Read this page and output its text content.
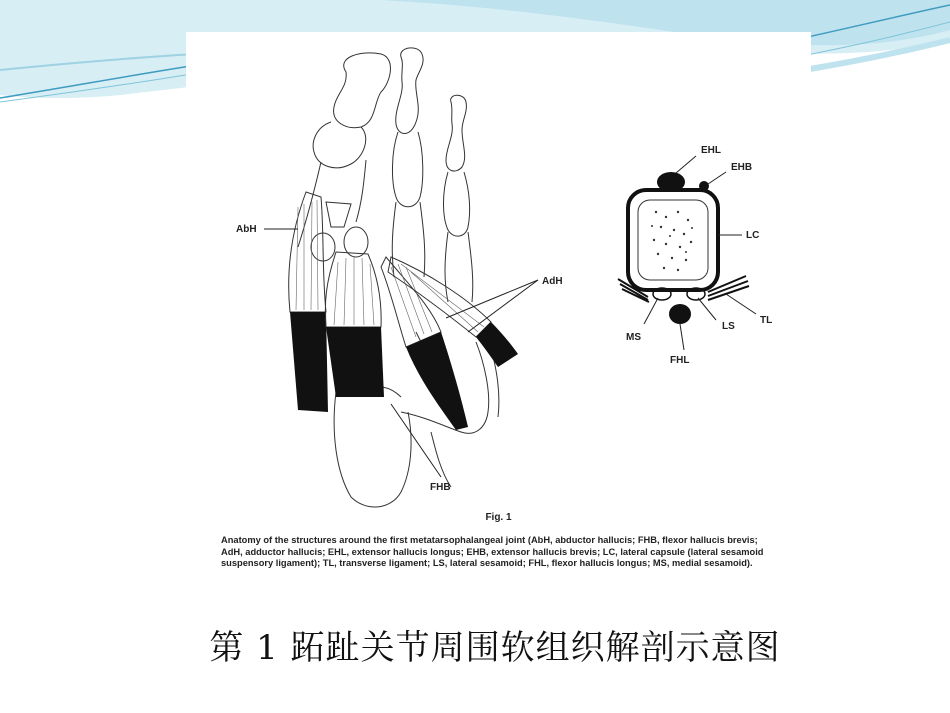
AbH
AdH
FHB
EHL
EHB
LC
MS
LS
TL
FHL
Fig. 1
Anatomy of the structures around the first metatarsophalangeal joint (AbH, abductor hallucis; FHB, flexor hallucis brevis; AdH, adductor hallucis; EHL, extensor hallucis longus; EHB, extensor hallucis brevis; LC, lateral capsule (lateral sesamoid suspensory ligament); TL, transverse ligament; LS, lateral sesamoid; FHL, flexor hallucis longus; MS, medial sesamoid).
第 1 跖趾关节周围软组织解剖示意图
